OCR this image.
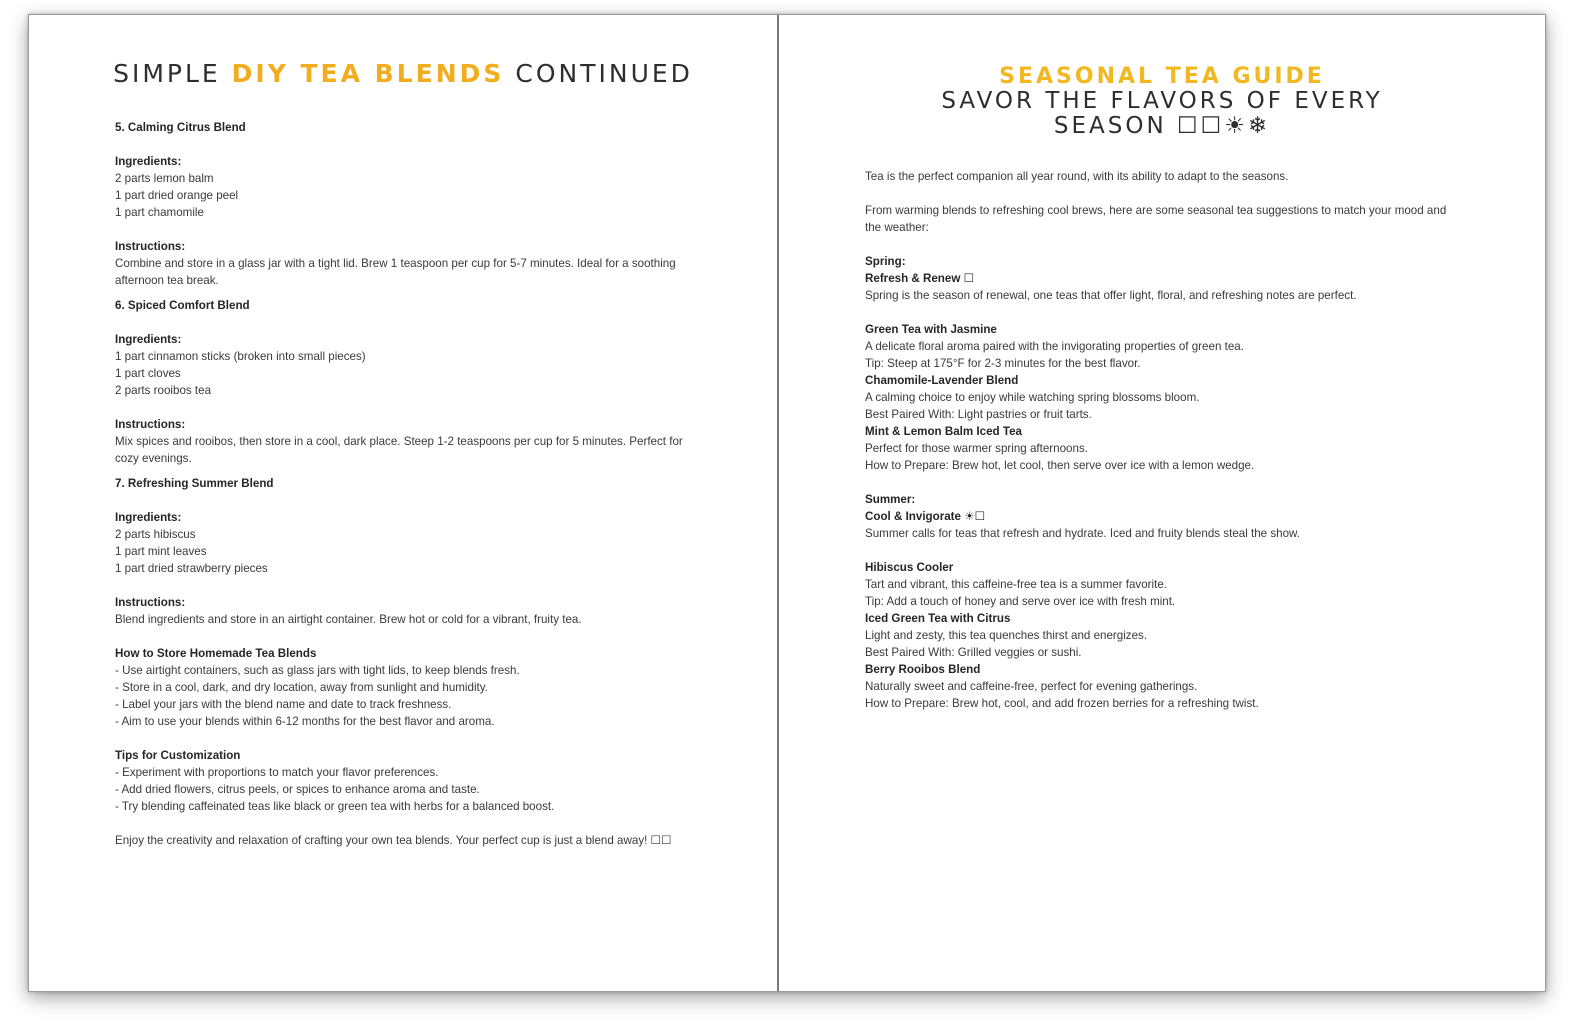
SIMPLE DIY TEA BLENDS CONTINUED
5. Calming Citrus Blend
Ingredients:
2 parts lemon balm
1 part dried orange peel
1 part chamomile
Instructions:
Combine and store in a glass jar with a tight lid. Brew 1 teaspoon per cup for 5-7 minutes. Ideal for a soothing afternoon tea break.
6. Spiced Comfort Blend
Ingredients:
1 part cinnamon sticks (broken into small pieces)
1 part cloves
2 parts rooibos tea
Instructions:
Mix spices and rooibos, then store in a cool, dark place. Steep 1-2 teaspoons per cup for 5 minutes. Perfect for cozy evenings.
7. Refreshing Summer Blend
Ingredients:
2 parts hibiscus
1 part mint leaves
1 part dried strawberry pieces
Instructions:
Blend ingredients and store in an airtight container. Brew hot or cold for a vibrant, fruity tea.
How to Store Homemade Tea Blends
- Use airtight containers, such as glass jars with tight lids, to keep blends fresh.
- Store in a cool, dark, and dry location, away from sunlight and humidity.
- Label your jars with the blend name and date to track freshness.
- Aim to use your blends within 6-12 months for the best flavor and aroma.
Tips for Customization
- Experiment with proportions to match your flavor preferences.
- Add dried flowers, citrus peels, or spices to enhance aroma and taste.
- Try blending caffeinated teas like black or green tea with herbs for a balanced boost.
Enjoy the creativity and relaxation of crafting your own tea blends. Your perfect cup is just a blend away! ☐☐
SEASONAL TEA GUIDE
SAVOR THE FLAVORS OF EVERY
SEASON ☐☐☀❄
Tea is the perfect companion all year round, with its ability to adapt to the seasons.
From warming blends to refreshing cool brews, here are some seasonal tea suggestions to match your mood and the weather:
Spring:
Refresh & Renew ☐
Spring is the season of renewal, one teas that offer light, floral, and refreshing notes are perfect.
Green Tea with Jasmine
A delicate floral aroma paired with the invigorating properties of green tea.
Tip: Steep at 175°F for 2-3 minutes for the best flavor.
Chamomile-Lavender Blend
A calming choice to enjoy while watching spring blossoms bloom.
Best Paired With: Light pastries or fruit tarts.
Mint & Lemon Balm Iced Tea
Perfect for those warmer spring afternoons.
How to Prepare: Brew hot, let cool, then serve over ice with a lemon wedge.
Summer:
Cool & Invigorate ☀☐
Summer calls for teas that refresh and hydrate. Iced and fruity blends steal the show.
Hibiscus Cooler
Tart and vibrant, this caffeine-free tea is a summer favorite.
Tip: Add a touch of honey and serve over ice with fresh mint.
Iced Green Tea with Citrus
Light and zesty, this tea quenches thirst and energizes.
Best Paired With: Grilled veggies or sushi.
Berry Rooibos Blend
Naturally sweet and caffeine-free, perfect for evening gatherings.
How to Prepare: Brew hot, cool, and add frozen berries for a refreshing twist.
